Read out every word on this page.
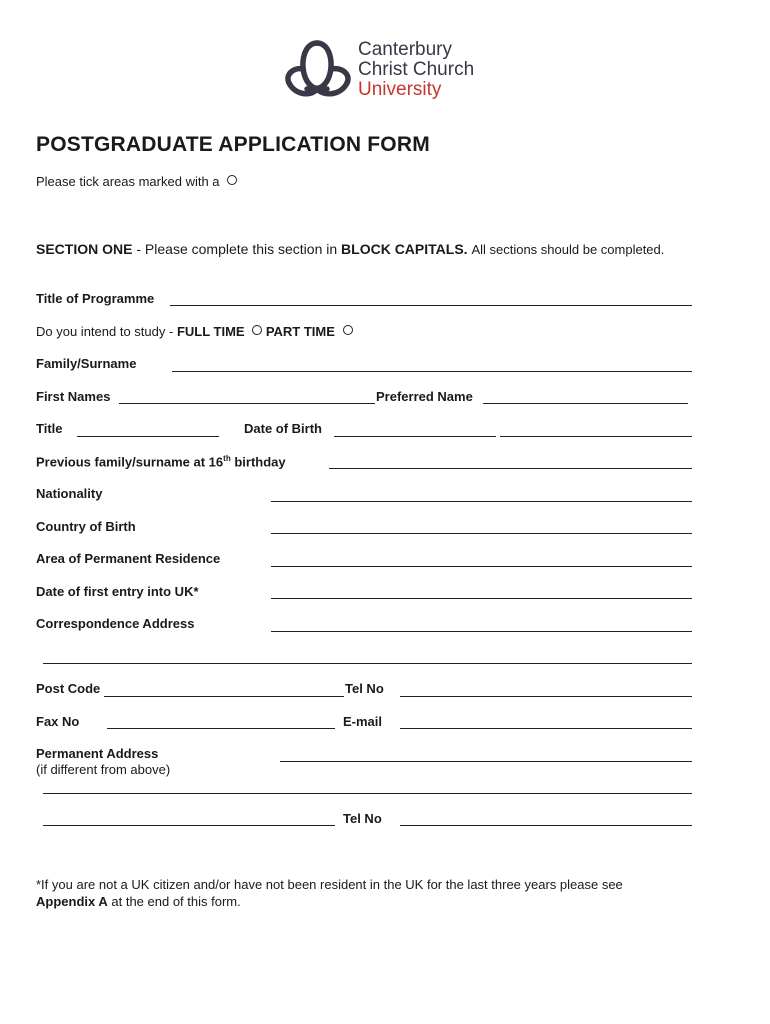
Canterbury
Christ Church
University
POSTGRADUATE APPLICATION FORM
Please tick areas marked with a
SECTION ONE - Please complete this section in BLOCK CAPITALS. All sections should be completed.
Title of Programme
Do you intend to study - FULL TIME PART TIME
Family/Surname
First Names	Preferred Name
Title	Date of Birth
Previous family/surname at 16th birthday
Nationality
Country of Birth
Area of Permanent Residence
Date of first entry into UK*
Correspondence Address
Post Code	Tel No
Fax No	E-mail
Permanent Address
(if different from above)
Tel No
*If you are not a UK citizen and/or have not been resident in the UK for the last three years please see
Appendix A at the end of this form.
